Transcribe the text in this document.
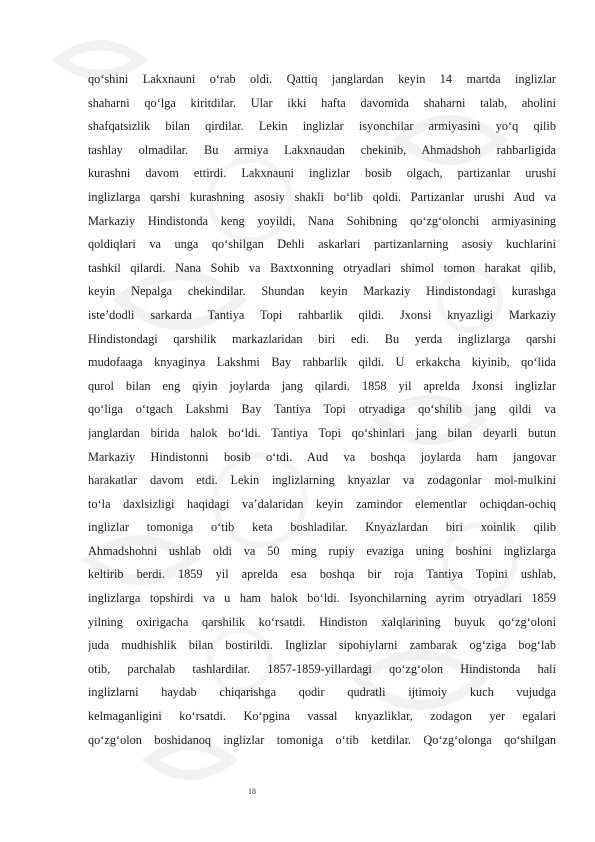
qo‘shini Lakxnauni o‘rab oldi. Qattiq janglardan keyin 14 martda inglizlar

shaharni qo‘lga kiritdilar. Ular ikki hafta davomida shaharni talab, aholini

shafqatsizlik bilan qirdilar. Lekin inglizlar isyonchilar armiyasini yo‘q qilib

tashlay olmadilar. Bu armiya Lakxnaudan chekinib, Ahmadshoh rahbarligida

kurashni davom ettirdi. Lakxnauni inglizlar bosib olgach, partizanlar urushi

inglizlarga qarshi kurashning asosiy shakli bo‘lib qoldi. Partizanlar urushi Aud va

Markaziy Hindistonda keng yoyildi, Nana Sohibning qo‘zg‘olonchi armiyasining

qoldiqlari va unga qo‘shilgan Dehli askarlari partizanlarning asosiy kuchlarini

tashkil qilardi. Nana Sohib va Baxtxonning otryadlari shimol tomon harakat qilib,

keyin Nepalga chekindilar. Shundan keyin Markaziy Hindistondagi kurashga

iste’dodli sarkarda Tantiya Topi rahbarlik qildi. Jxonsi knyazligi Markaziy

Hindistondagi qarshilik markazlaridan biri edi. Bu yerda inglizlarga qarshi

mudofaaga knyaginya Lakshmi Bay rahbarlik qildi. U erkakcha kiyinib, qo‘lida

qurol bilan eng qiyin joylarda jang qilardi. 1858 yil aprelda Jxonsi inglizlar

qo‘liga o‘tgach Lakshmi Bay Tantiya Topi otryadiga qo‘shilib jang qildi va

janglardan birida halok bo‘ldi. Tantiya Topi qo‘shinlari jang bilan deyarli butun

Markaziy Hindistonni bosib o‘tdi. Aud va boshqa joylarda ham jangovar

harakatlar davom etdi. Lekin inglizlarning knyazlar va zodagonlar mol-mulkini

to‘la daxlsizligi haqidagi va’dalaridan keyin zamindor elementlar ochiqdan-ochiq

inglizlar tomoniga o‘tib keta boshladilar. Knyazlardan biri xoinlik qilib

Ahmadshohni ushlab oldi va 50 ming rupiy evaziga uning boshini inglizlarga

keltirib berdi. 1859 yil aprelda esa boshqa bir roja Tantiya Topini ushlab,

inglizlarga topshirdi va u ham halok bo‘ldi. Isyonchilarning ayrim otryadlari 1859

yilning oxirigacha qarshilik ko‘rsatdi. Hindiston xalqlarining buyuk qo‘zg‘oloni

juda mudhishlik bilan bostirildi. Inglizlar sipohiylarni zambarak og‘ziga bog‘lab

otib, parchalab tashlardilar. 1857-1859-yillardagi qo‘zg‘olon Hindistonda hali

inglizlarni haydab chiqarishga qodir qudratli ijtimoiy kuch vujudga

kelmaganligini ko‘rsatdi. Ko‘pgina vassal knyazliklar, zodagon yer egalari

qo‘zg‘olon boshidanoq inglizlar tomoniga o‘tib ketdilar. Qo‘zg‘olonga qo‘shilgan

18
